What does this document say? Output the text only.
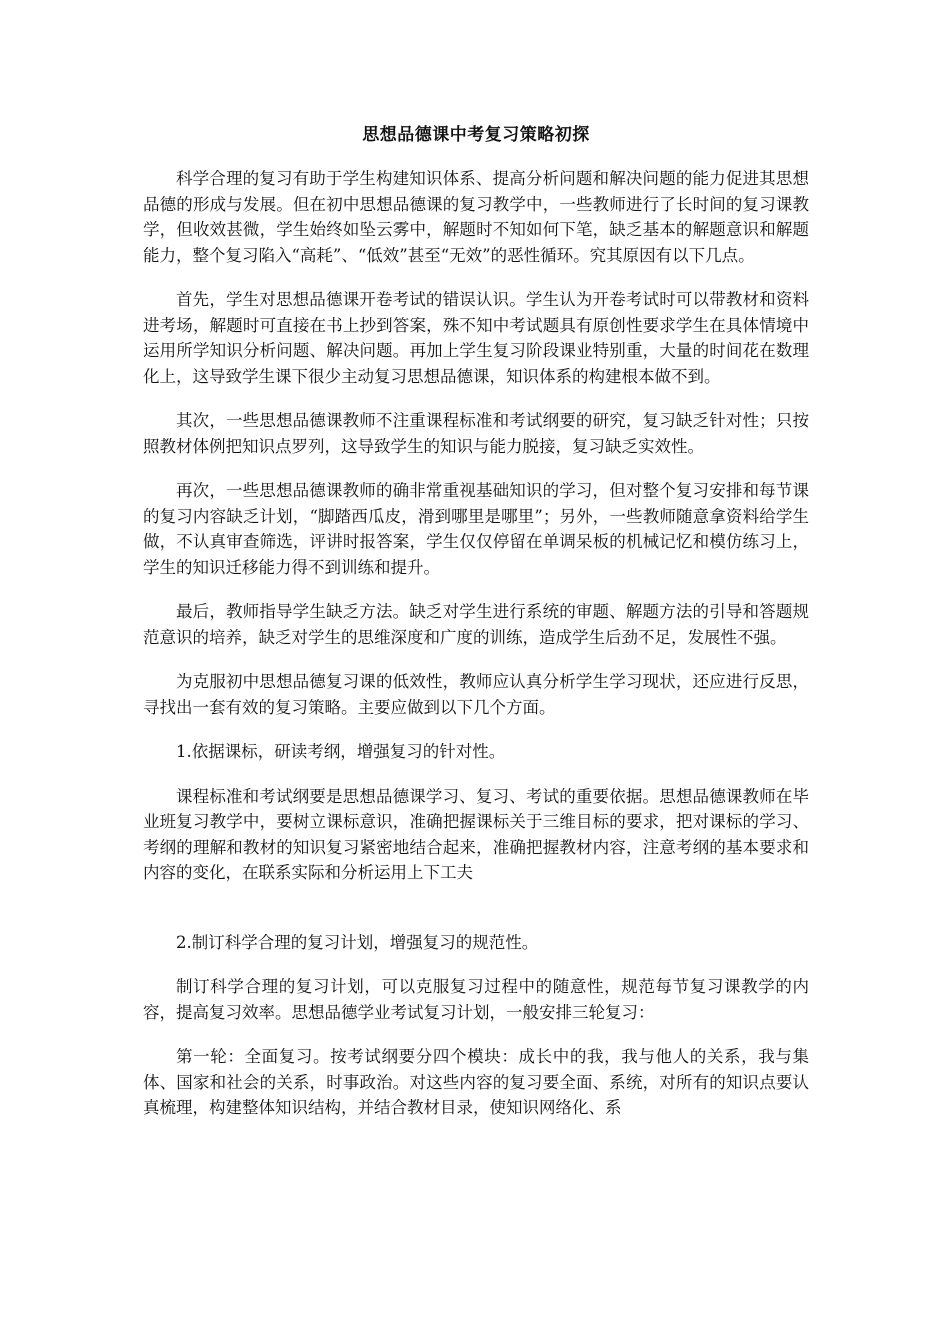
思想品德课中考复习策略初探

科学合理的复习有助于学生构建知识体系、提高分析问题和解决问题的能力促进其思想品德的形成与发展。但在初中思想品德课的复习教学中，一些教师进行了长时间的复习课教学，但收效甚微，学生始终如坠云雾中，解题时不知如何下笔，缺乏基本的解题意识和解题能力，整个复习陷入“高耗”、“低效”甚至“无效”的恶性循环。究其原因有以下几点。

首先，学生对思想品德课开卷考试的错误认识。学生认为开卷考试时可以带教材和资料进考场，解题时可直接在书上抄到答案，殊不知中考试题具有原创性要求学生在具体情境中运用所学知识分析问题、解决问题。再加上学生复习阶段课业特别重，大量的时间花在数理化上，这导致学生课下很少主动复习思想品德课，知识体系的构建根本做不到。

其次，一些思想品德课教师不注重课程标准和考试纲要的研究，复习缺乏针对性；只按照教材体例把知识点罗列，这导致学生的知识与能力脱接，复习缺乏实效性。

再次，一些思想品德课教师的确非常重视基础知识的学习，但对整个复习安排和每节课的复习内容缺乏计划，“脚踏西瓜皮，滑到哪里是哪里”；另外，一些教师随意拿资料给学生做，不认真审查筛选，评讲时报答案，学生仅仅停留在单调呆板的机械记忆和模仿练习上，学生的知识迁移能力得不到训练和提升。

最后，教师指导学生缺乏方法。缺乏对学生进行系统的审题、解题方法的引导和答题规范意识的培养，缺乏对学生的思维深度和广度的训练，造成学生后劲不足，发展性不强。

为克服初中思想品德复习课的低效性，教师应认真分析学生学习现状，还应进行反思，寻找出一套有效的复习策略。主要应做到以下几个方面。

1.依据课标，研读考纲，增强复习的针对性。

课程标准和考试纲要是思想品德课学习、复习、考试的重要依据。思想品德课教师在毕业班复习教学中，要树立课标意识，准确把握课标关于三维目标的要求，把对课标的学习、考纲的理解和教材的知识复习紧密地结合起来，准确把握教材内容，注意考纲的基本要求和内容的变化，在联系实际和分析运用上下工夫

2.制订科学合理的复习计划，增强复习的规范性。

制订科学合理的复习计划，可以克服复习过程中的随意性，规范每节复习课教学的内容，提高复习效率。思想品德学业考试复习计划，一般安排三轮复习：

第一轮：全面复习。按考试纲要分四个模块：成长中的我，我与他人的关系，我与集体、国家和社会的关系，时事政治。对这些内容的复习要全面、系统，对所有的知识点要认真梳理，构建整体知识结构，并结合教材目录，使知识网络化、系
